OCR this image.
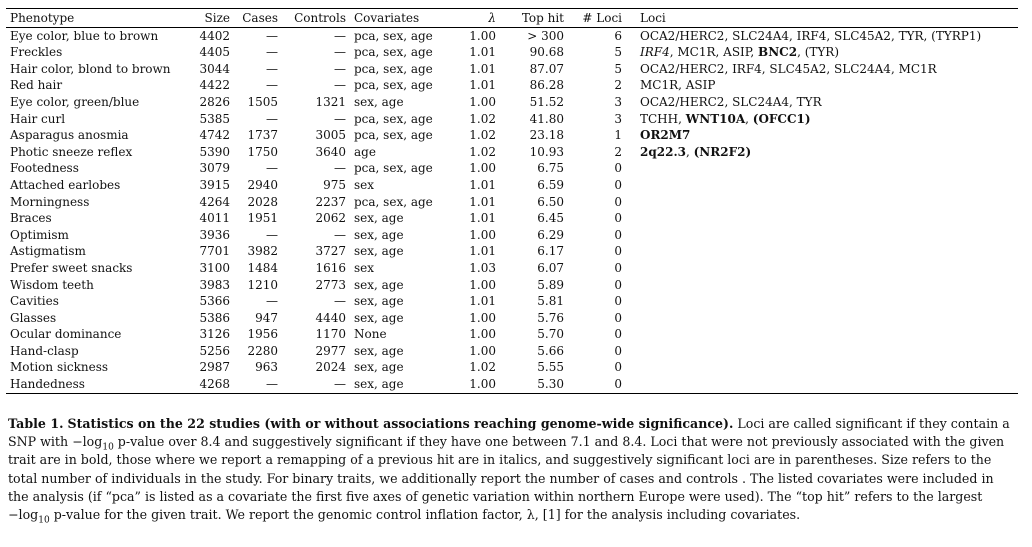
Phenotype	Size	Cases	Controls	Covariates	λ	Top hit	# Loci	Loci
Eye color, blue to brown	4402	—	—	pca, sex, age	1.00	> 300	6	OCA2/HERC2, SLC24A4, IRF4, SLC45A2, TYR, (TYRP1)
Freckles	4405	—	—	pca, sex, age	1.01	90.68	5	IRF4, MC1R, ASIP, BNC2, (TYR)
Hair color, blond to brown	3044	—	—	pca, sex, age	1.01	87.07	5	OCA2/HERC2, IRF4, SLC45A2, SLC24A4, MC1R
Red hair	4422	—	—	pca, sex, age	1.01	86.28	2	MC1R, ASIP
Eye color, green/blue	2826	1505	1321	sex, age	1.00	51.52	3	OCA2/HERC2, SLC24A4, TYR
Hair curl	5385	—	—	pca, sex, age	1.02	41.80	3	TCHH, WNT10A, (OFCC1)
Asparagus anosmia	4742	1737	3005	pca, sex, age	1.02	23.18	1	OR2M7
Photic sneeze reflex	5390	1750	3640	age	1.02	10.93	2	2q22.3, (NR2F2)
Footedness	3079	—	—	pca, sex, age	1.00	6.75	0	
Attached earlobes	3915	2940	975	sex	1.01	6.59	0	
Morningness	4264	2028	2237	pca, sex, age	1.01	6.50	0	
Braces	4011	1951	2062	sex, age	1.01	6.45	0	
Optimism	3936	—	—	sex, age	1.00	6.29	0	
Astigmatism	7701	3982	3727	sex, age	1.01	6.17	0	
Prefer sweet snacks	3100	1484	1616	sex	1.03	6.07	0	
Wisdom teeth	3983	1210	2773	sex, age	1.00	5.89	0	
Cavities	5366	—	—	sex, age	1.01	5.81	0	
Glasses	5386	947	4440	sex, age	1.00	5.76	0	
Ocular dominance	3126	1956	1170	None	1.00	5.70	0	
Hand-clasp	5256	2280	2977	sex, age	1.00	5.66	0	
Motion sickness	2987	963	2024	sex, age	1.02	5.55	0	
Handedness	4268	—	—	sex, age	1.00	5.30	0	
Table 1. Statistics on the 22 studies (with or without associations reaching genome-wide significance). Loci are called significant if they contain a SNP with $-\log_{10}$ p-value over 8.4 and suggestively significant if they have one between 7.1 and 8.4. Loci that were not previously associated with the given trait are in bold, those where we report a remapping of a previous hit are in italics, and suggestively significant loci are in parentheses. Size refers to the total number of individuals in the study. For binary traits, we additionally report the number of cases and controls . The listed covariates were included in the analysis (if “pca” is listed as a covariate the first five axes of genetic variation within northern Europe were used). The “top hit” refers to the largest $-\log_{10}$ p-value for the given trait. We report the genomic control inflation factor, λ, [1] for the analysis including covariates.
